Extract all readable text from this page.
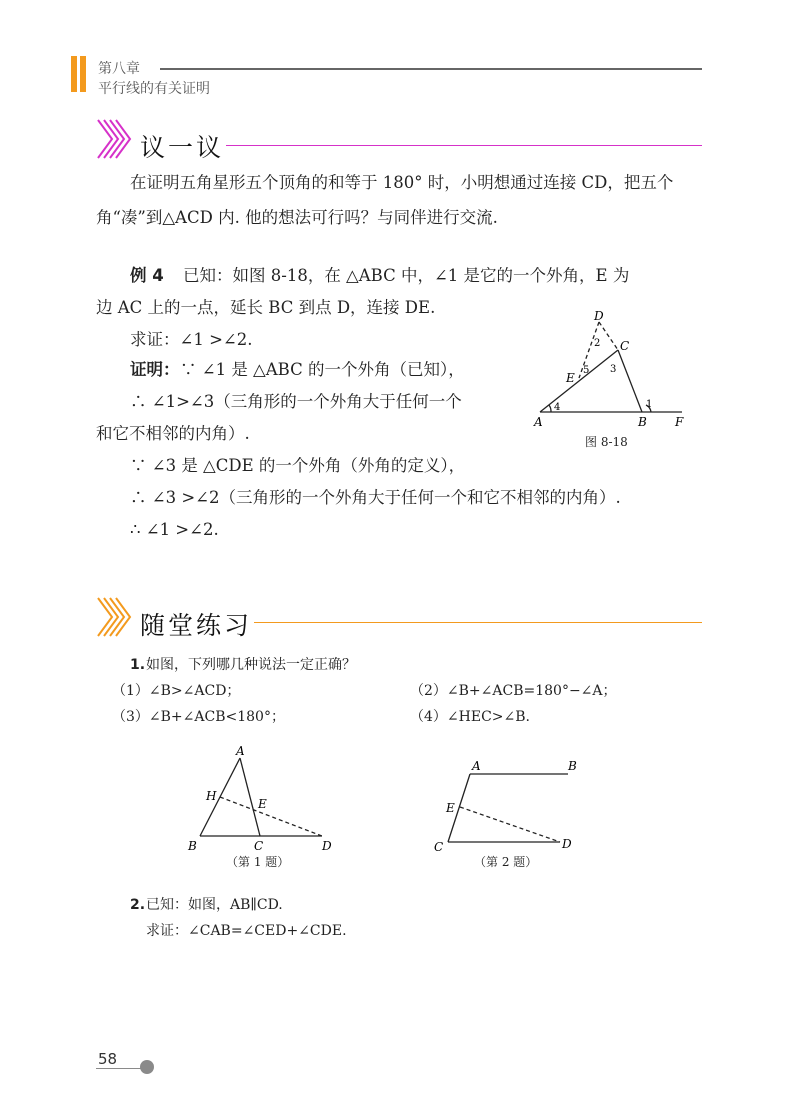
第八章
平行线的有关证明
议一议
在证明五角星形五个顶角的和等于 180° 时，小明想通过连接 CD，把五个
角“凑”到△ACD 内. 他的想法可行吗？与同伴进行交流.
例 4 已知：如图 8-18，在 △ABC 中，∠1 是它的一个外角，E 为
边 AC 上的一点，延长 BC 到点 D，连接 DE.
求证：∠1 >∠2.
证明： ∵ ∠1 是 △ABC 的一个外角（已知），
∴ ∠1>∠3（三角形的一个外角大于任何一个
和它不相邻的内角）.
∵ ∠3 是 △CDE 的一个外角（外角的定义），
∴ ∠3 >∠2（三角形的一个外角大于任何一个和它不相邻的内角）.
∴ ∠1 >∠2.
D
C
E
A	B F
1
2
3
4
5
图 8-18
随堂练习
1. 如图，下列哪几种说法一定正确？
（1）∠B>∠ACD；	（2）∠B+∠ACB=180°−∠A；
（3）∠B+∠ACB<180°；	（4）∠HEC>∠B.
A
H
E
B	C	D
（第 1 题）
A	B
E
C	D
（第 2 题）
2. 已知：如图，AB∥CD.
求证：∠CAB=∠CED+∠CDE.
58
